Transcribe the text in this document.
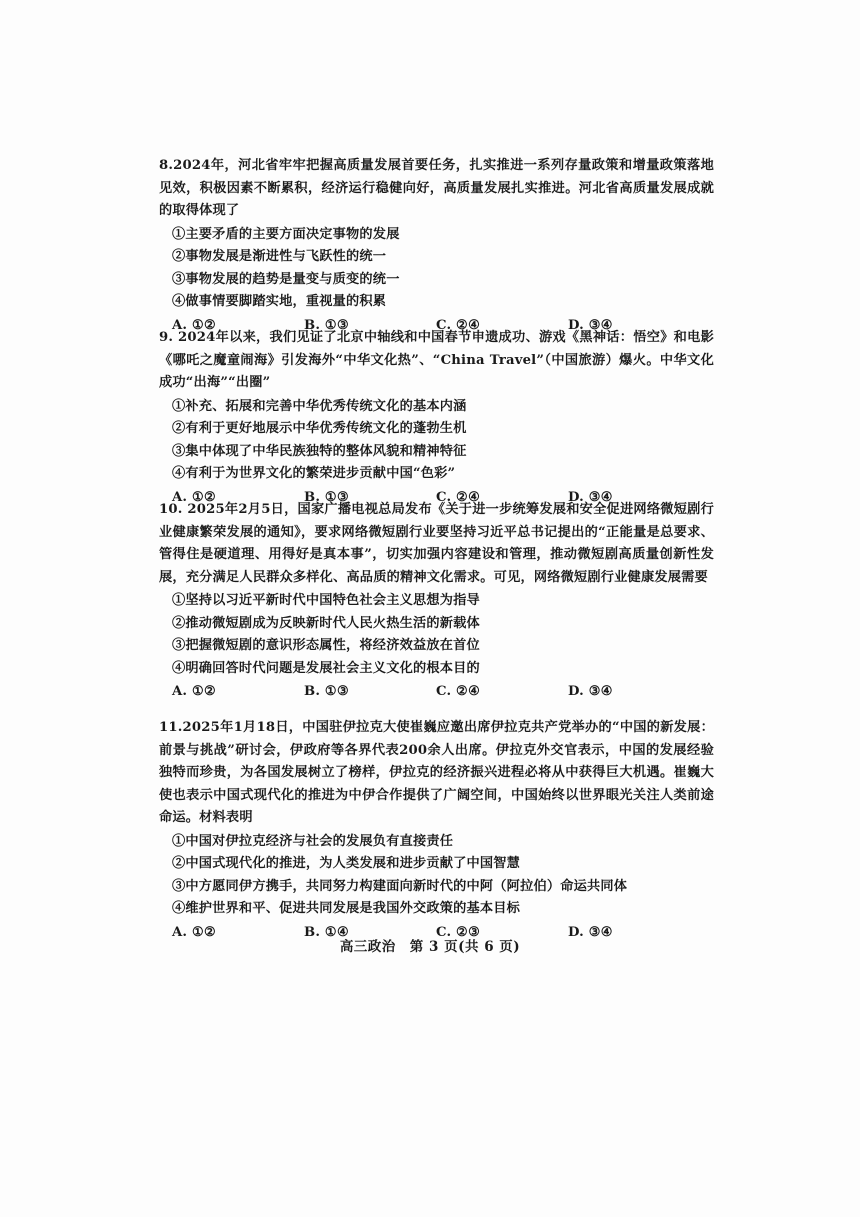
8.2024年，河北省牢牢把握高质量发展首要任务，扎实推进一系列存量政策和增量政策落地见效，积极因素不断累积，经济运行稳健向好，高质量发展扎实推进。河北省高质量发展成就的取得体现了

①主要矛盾的主要方面决定事物的发展

②事物发展是渐进性与飞跃性的统一

③事物发展的趋势是量变与质变的统一

④做事情要脚踏实地，重视量的积累

A. ①②	B. ①③	C. ②④	D. ③④

9. 2024年以来，我们见证了北京中轴线和中国春节申遗成功、游戏《黑神话：悟空》和电影《哪吒之魔童闹海》引发海外“中华文化热”、“China Travel”（中国旅游）爆火。中华文化成功“出海”“出圈”

①补充、拓展和完善中华优秀传统文化的基本内涵

②有利于更好地展示中华优秀传统文化的蓬勃生机

③集中体现了中华民族独特的整体风貌和精神特征

④有利于为世界文化的繁荣进步贡献中国“色彩”

A. ①②	B. ①③	C. ②④	D. ③④

10. 2025年2月5日，国家广播电视总局发布《关于进一步统筹发展和安全促进网络微短剧行业健康繁荣发展的通知》，要求网络微短剧行业要坚持习近平总书记提出的“正能量是总要求、管得住是硬道理、用得好是真本事”，切实加强内容建设和管理，推动微短剧高质量创新性发展，充分满足人民群众多样化、高品质的精神文化需求。可见，网络微短剧行业健康发展需要

①坚持以习近平新时代中国特色社会主义思想为指导

②推动微短剧成为反映新时代人民火热生活的新载体

③把握微短剧的意识形态属性，将经济效益放在首位

④明确回答时代问题是发展社会主义文化的根本目的

A. ①②	B. ①③	C. ②④	D. ③④

11.2025年1月18日，中国驻伊拉克大使崔巍应邀出席伊拉克共产党举办的“中国的新发展：前景与挑战”研讨会，伊政府等各界代表200余人出席。伊拉克外交官表示，中国的发展经验独特而珍贵，为各国发展树立了榜样，伊拉克的经济振兴进程必将从中获得巨大机遇。崔巍大使也表示中国式现代化的推进为中伊合作提供了广阔空间，中国始终以世界眼光关注人类前途命运。材料表明

①中国对伊拉克经济与社会的发展负有直接责任

②中国式现代化的推进，为人类发展和进步贡献了中国智慧

③中方愿同伊方携手，共同努力构建面向新时代的中阿（阿拉伯）命运共同体

④维护世界和平、促进共同发展是我国外交政策的基本目标

A. ①②	B. ①④	C. ②③	D. ③④
高三政治　第 3 页(共 6 页)
